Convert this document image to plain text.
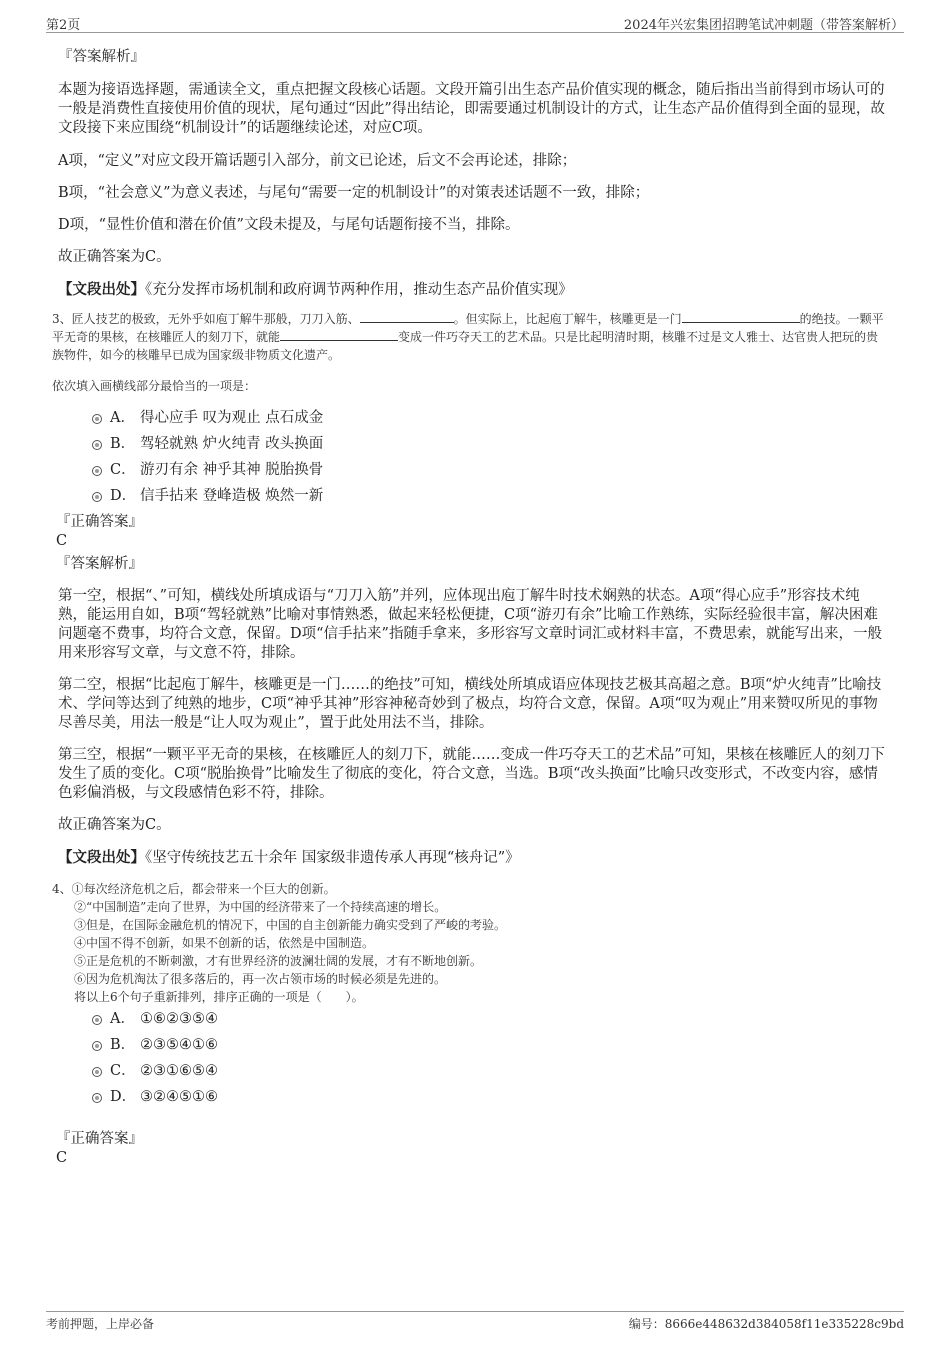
第2页	2024年兴宏集团招聘笔试冲刺题（带答案解析）

『答案解析』

本题为接语选择题，需通读全文，重点把握文段核心话题。文段开篇引出生态产品价值实现的概念，随后指出当前得到市场认可的一般是消费性直接使用价值的现状，尾句通过“因此”得出结论，即需要通过机制设计的方式，让生态产品价值得到全面的显现，故文段接下来应围绕“机制设计”的话题继续论述，对应C项。

A项，“定义”对应文段开篇话题引入部分，前文已论述，后文不会再论述，排除；

B项，“社会意义”为意义表述，与尾句“需要一定的机制设计”的对策表述话题不一致，排除；

D项，“显性价值和潜在价值”文段未提及，与尾句话题衔接不当，排除。

故正确答案为C。

【文段出处】《充分发挥市场机制和政府调节两种作用，推动生态产品价值实现》

3、匠人技艺的极致，无外乎如庖丁解牛那般，刀刀入筋、	。但实际上，比起庖丁解牛，核雕更是一门	的绝技。一颗平平无奇的果核，在核雕匠人的刻刀下，就能	变成一件巧夺天工的艺术品。只是比起明清时期，核雕不过是文人雅士、达官贵人把玩的贵族物件，如今的核雕早已成为国家级非物质文化遗产。

依次填入画横线部分最恰当的一项是：

A． 得心应手 叹为观止 点石成金
B． 驾轻就熟 炉火纯青 改头换面
C． 游刃有余 神乎其神 脱胎换骨
D． 信手拈来 登峰造极 焕然一新

『正确答案』

C

『答案解析』

第一空，根据“、”可知，横线处所填成语与“刀刀入筋”并列，应体现出庖丁解牛时技术娴熟的状态。A项“得心应手”形容技术纯熟，能运用自如，B项“驾轻就熟”比喻对事情熟悉，做起来轻松便捷，C项“游刃有余”比喻工作熟练，实际经验很丰富，解决困难问题毫不费事，均符合文意，保留。D项“信手拈来”指随手拿来，多形容写文章时词汇或材料丰富，不费思索，就能写出来，一般用来形容写文章，与文意不符，排除。

第二空，根据“比起庖丁解牛，核雕更是一门……的绝技”可知，横线处所填成语应体现技艺极其高超之意。B项“炉火纯青”比喻技术、学问等达到了纯熟的地步，C项“神乎其神”形容神秘奇妙到了极点，均符合文意，保留。A项“叹为观止”用来赞叹所见的事物尽善尽美，用法一般是“让人叹为观止”，置于此处用法不当，排除。

第三空，根据“一颗平平无奇的果核，在核雕匠人的刻刀下，就能……变成一件巧夺天工的艺术品”可知，果核在核雕匠人的刻刀下发生了质的变化。C项“脱胎换骨”比喻发生了彻底的变化，符合文意，当选。B项“改头换面”比喻只改变形式，不改变内容，感情色彩偏消极，与文段感情色彩不符，排除。

故正确答案为C。

【文段出处】《坚守传统技艺五十余年 国家级非遗传承人再现“核舟记”》

4、①每次经济危机之后，都会带来一个巨大的创新。

②“中国制造”走向了世界，为中国的经济带来了一个持续高速的增长。

③但是，在国际金融危机的情况下，中国的自主创新能力确实受到了严峻的考验。

④中国不得不创新，如果不创新的话，依然是中国制造。

⑤正是危机的不断刺激，才有世界经济的波澜壮阔的发展，才有不断地创新。

⑥因为危机淘汰了很多落后的，再一次占领市场的时候必须是先进的。

将以上6个句子重新排列，排序正确的一项是（　　）。

A． ①⑥②③⑤④
B． ②③⑤④①⑥
C． ②③①⑥⑤④
D． ③②④⑤①⑥

『正确答案』

C

考前押题，上岸必备	编号：8666e448632d384058f11e335228c9bd
